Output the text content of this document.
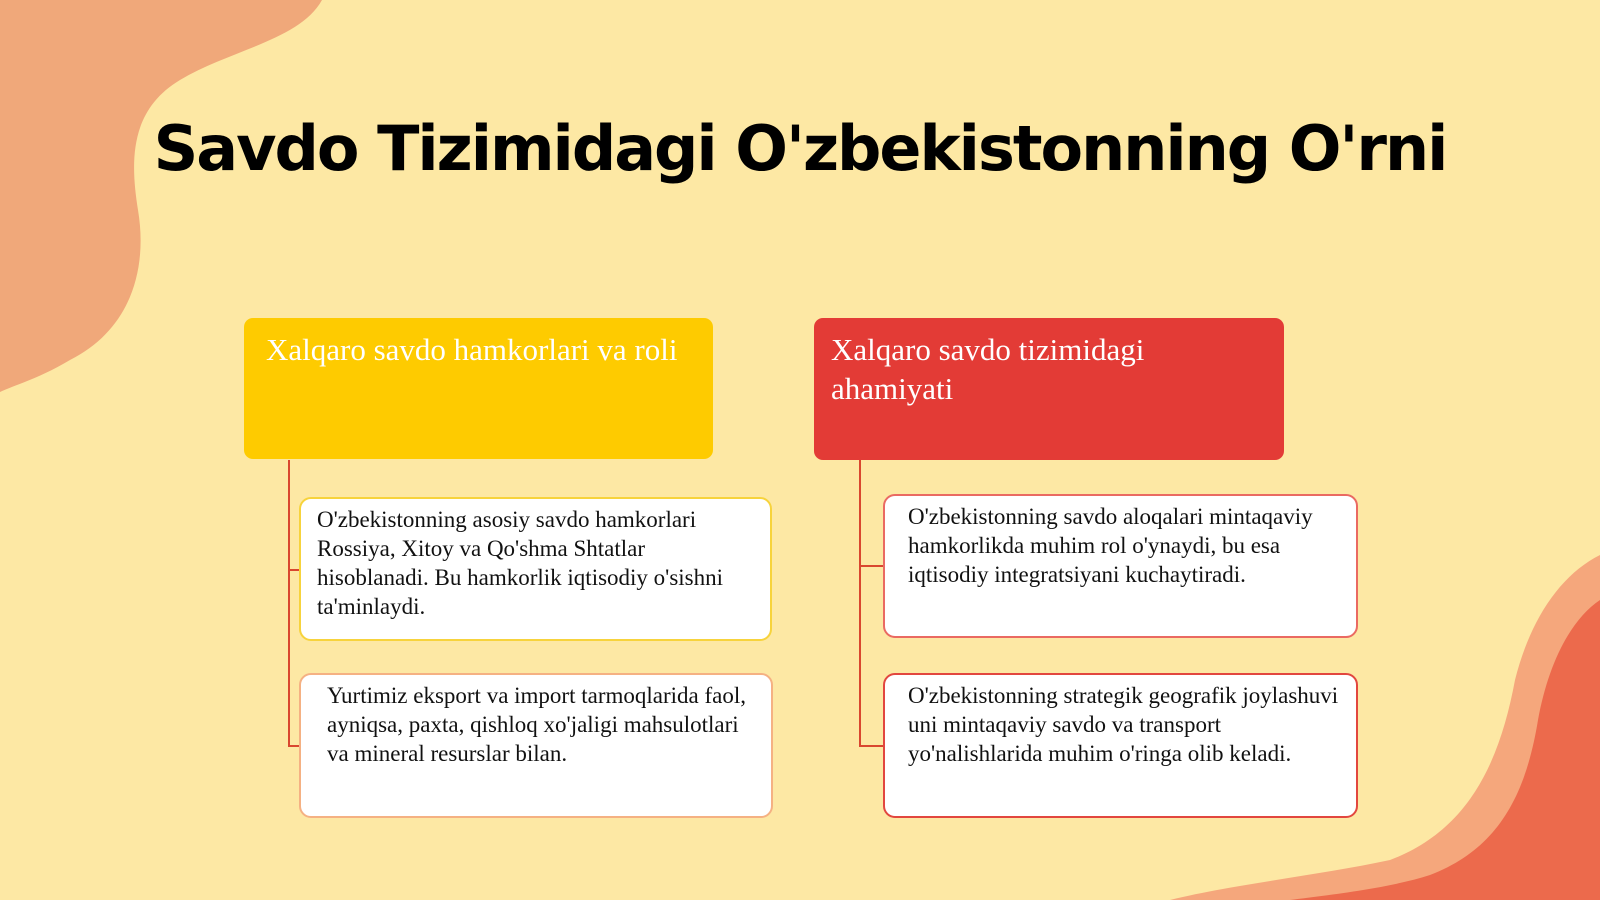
Savdo Tizimidagi O'zbekistonning O'rni
Xalqaro savdo hamkorlari va roli	Xalqaro savdo tizimidagi ahamiyati
O'zbekistonning asosiy savdo hamkorlari Rossiya, Xitoy va Qo'shma Shtatlar hisoblanadi. Bu hamkorlik iqtisodiy o'sishni ta'minlaydi.
Yurtimiz eksport va import tarmoqlarida faol, ayniqsa, paxta, qishloq xo'jaligi mahsulotlari va mineral resurslar bilan.
O'zbekistonning savdo aloqalari mintaqaviy hamkorlikda muhim rol o'ynaydi, bu esa iqtisodiy integratsiyani kuchaytiradi.
O'zbekistonning strategik geografik joylashuvi uni mintaqaviy savdo va transport yo'nalishlarida muhim o'ringa olib keladi.
